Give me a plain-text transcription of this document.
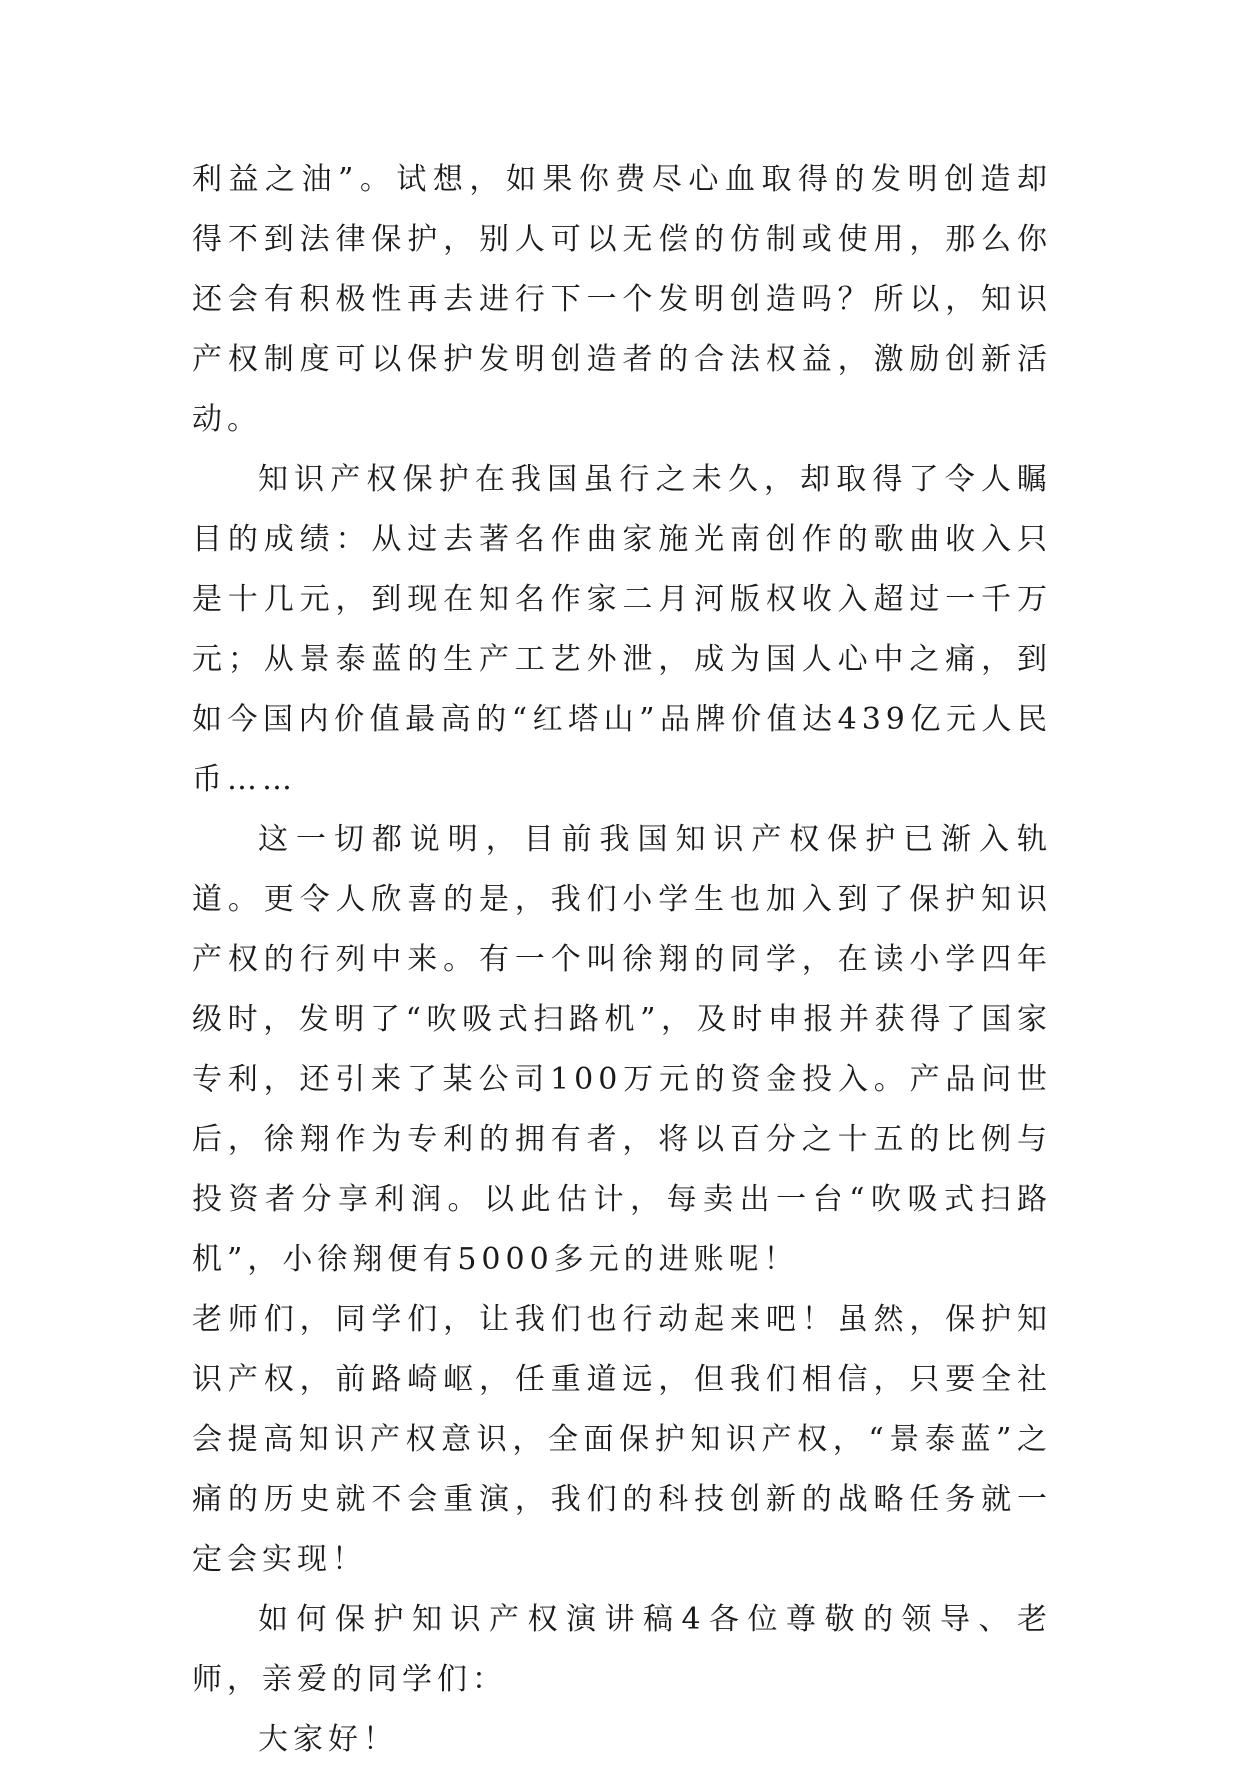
利益之油”。试想，如果你费尽心血取得的发明创造却得不到法律保护，别人可以无偿的仿制或使用，那么你还会有积极性再去进行下一个发明创造吗？所以，知识产权制度可以保护发明创造者的合法权益，激励创新活动。

知识产权保护在我国虽行之未久，却取得了令人瞩目的成绩：从过去著名作曲家施光南创作的歌曲收入只是十几元，到现在知名作家二月河版权收入超过一千万元；从景泰蓝的生产工艺外泄，成为国人心中之痛，到如今国内价值最高的“红塔山”品牌价值达439亿元人民币……

这一切都说明，目前我国知识产权保护已渐入轨道。更令人欣喜的是，我们小学生也加入到了保护知识产权的行列中来。有一个叫徐翔的同学，在读小学四年级时，发明了“吹吸式扫路机”，及时申报并获得了国家专利，还引来了某公司100万元的资金投入。产品问世后，徐翔作为专利的拥有者，将以百分之十五的比例与投资者分享利润。以此估计，每卖出一台“吹吸式扫路机”，小徐翔便有5000多元的进账呢！

老师们，同学们，让我们也行动起来吧！虽然，保护知识产权，前路崎岖，任重道远，但我们相信，只要全社会提高知识产权意识，全面保护知识产权，“景泰蓝”之痛的历史就不会重演，我们的科技创新的战略任务就一定会实现！

如何保护知识产权演讲稿4各位尊敬的领导、老师，亲爱的同学们：

大家好！
